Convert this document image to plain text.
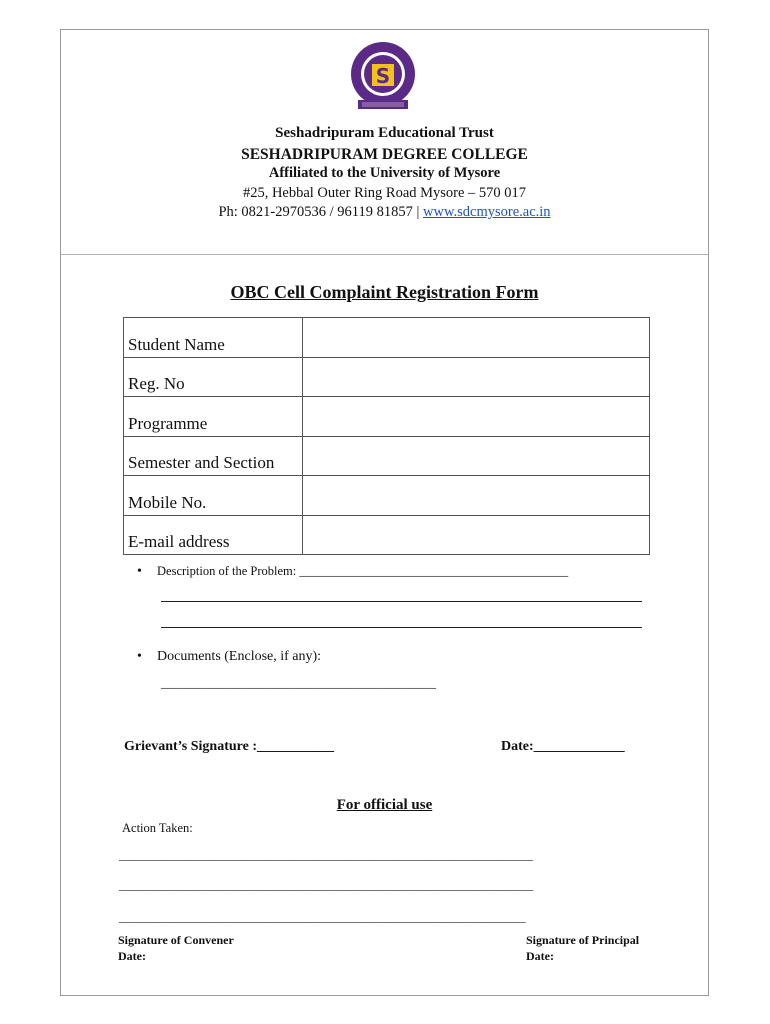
S
Seshadripuram Educational Trust
SESHADRIPURAM DEGREE COLLEGE
Affiliated to the University of Mysore
#25, Hebbal Outer Ring Road Mysore – 570 017
Ph: 0821-2970536 / 96119 81857 | www.sdcmysore.ac.in
OBC Cell Complaint Registration Form
Student Name	
Reg. No	
Programme	
Semester and Section	
Mobile No.	
E-mail address	
• Description of the Problem: ___________________________________________
• Documents (Enclose, if any):
____________________________________________
Grievant’s Signature :___________	Date:_____________
For official use
Action Taken:
________________________________________________________________________
________________________________________________________________________
________________________________________________________________________
Signature of Convener
Date:
Signature of Principal
Date:
